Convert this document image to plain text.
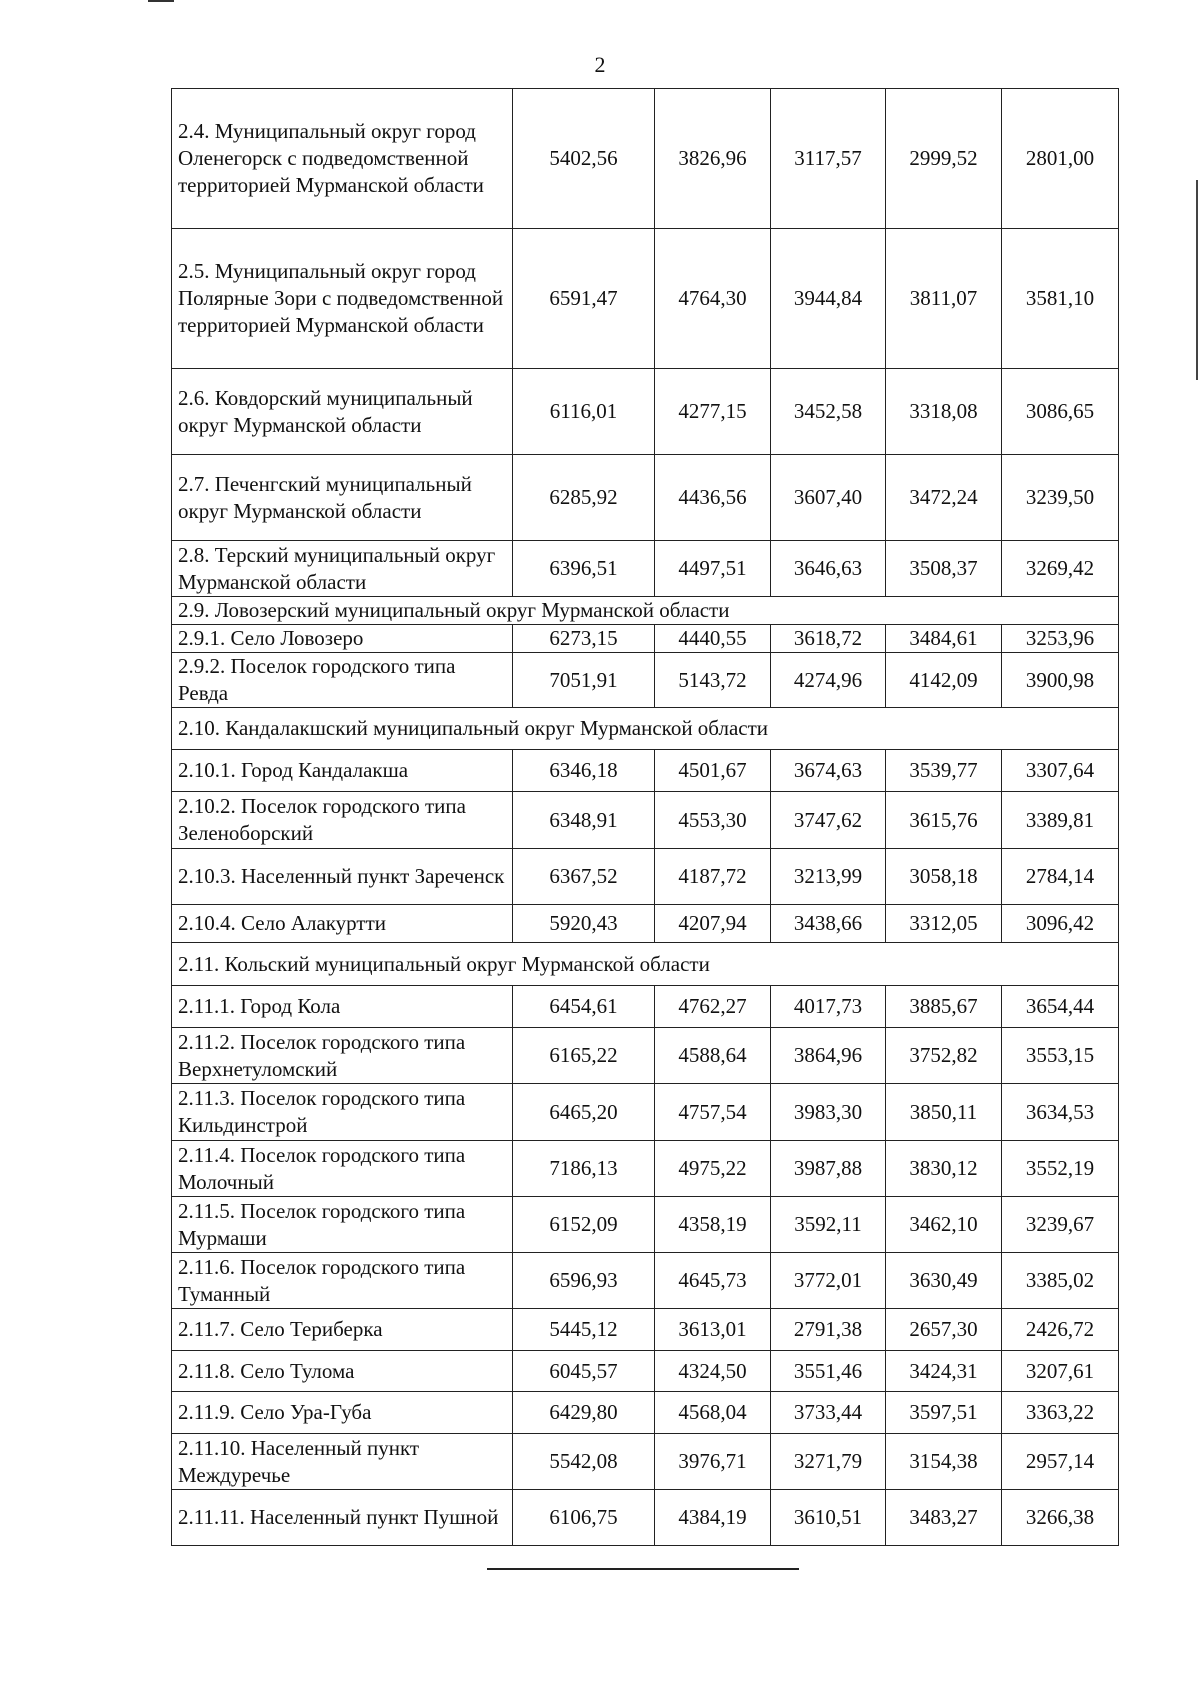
2
2.4. Муниципальный округ город Оленегорск с подведомственной территорией Мурманской области	5402,56	3826,96	3117,57	2999,52	2801,00
2.5. Муниципальный округ город Полярные Зори с подведомственной территорией Мурманской области	6591,47	4764,30	3944,84	3811,07	3581,10
2.6. Ковдорский муниципальный округ Мурманской области	6116,01	4277,15	3452,58	3318,08	3086,65
2.7. Печенгский муниципальный округ Мурманской области	6285,92	4436,56	3607,40	3472,24	3239,50
2.8. Терский муниципальный округ Мурманской области	6396,51	4497,51	3646,63	3508,37	3269,42
2.9. Ловозерский муниципальный округ Мурманской области					
2.9.1. Село Ловозеро	6273,15	4440,55	3618,72	3484,61	3253,96
2.9.2. Поселок городского типа Ревда	7051,91	5143,72	4274,96	4142,09	3900,98
2.10. Кандалакшский муниципальный округ Мурманской области					
2.10.1. Город Кандалакша	6346,18	4501,67	3674,63	3539,77	3307,64
2.10.2. Поселок городского типа Зеленоборский	6348,91	4553,30	3747,62	3615,76	3389,81
2.10.3. Населенный пункт Зареченск	6367,52	4187,72	3213,99	3058,18	2784,14
2.10.4. Село Алакуртти	5920,43	4207,94	3438,66	3312,05	3096,42
2.11. Кольский муниципальный округ Мурманской области					
2.11.1. Город Кола	6454,61	4762,27	4017,73	3885,67	3654,44
2.11.2. Поселок городского типа Верхнетуломский	6165,22	4588,64	3864,96	3752,82	3553,15
2.11.3. Поселок городского типа Кильдинстрой	6465,20	4757,54	3983,30	3850,11	3634,53
2.11.4. Поселок городского типа Молочный	7186,13	4975,22	3987,88	3830,12	3552,19
2.11.5. Поселок городского типа Мурмаши	6152,09	4358,19	3592,11	3462,10	3239,67
2.11.6. Поселок городского типа Туманный	6596,93	4645,73	3772,01	3630,49	3385,02
2.11.7. Село Териберка	5445,12	3613,01	2791,38	2657,30	2426,72
2.11.8. Село Тулома	6045,57	4324,50	3551,46	3424,31	3207,61
2.11.9. Село Ура-Губа	6429,80	4568,04	3733,44	3597,51	3363,22
2.11.10. Населенный пункт Междуречье	5542,08	3976,71	3271,79	3154,38	2957,14
2.11.11. Населенный пункт Пушной	6106,75	4384,19	3610,51	3483,27	3266,38
